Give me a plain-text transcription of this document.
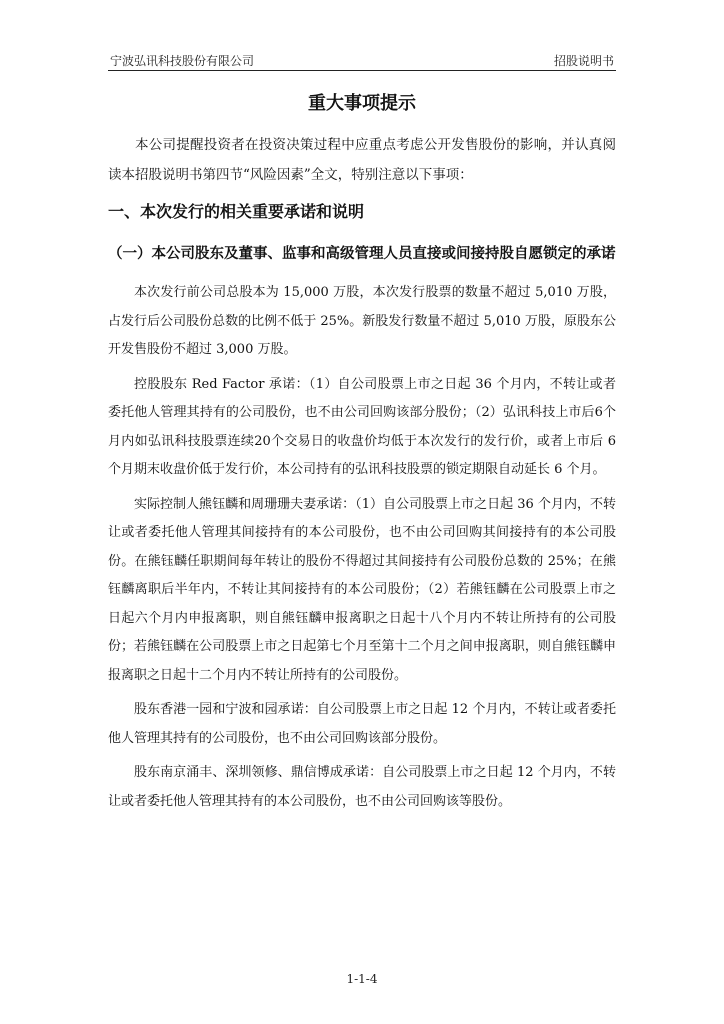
宁波弘讯科技股份有限公司	招股说明书
重大事项提示

本公司提醒投资者在投资决策过程中应重点考虑公开发售股份的影响，并认真阅读本招股说明书第四节“风险因素”全文，特别注意以下事项：

一、本次发行的相关重要承诺和说明
（一）本公司股东及董事、监事和高级管理人员直接或间接持股自愿锁定的承诺

本次发行前公司总股本为 15,000 万股，本次发行股票的数量不超过 5,010 万股，占发行后公司股份总数的比例不低于 25%。新股发行数量不超过 5,010 万股，原股东公开发售股份不超过 3,000 万股。

控股股东 Red Factor 承诺：（1）自公司股票上市之日起 36 个月内，不转让或者委托他人管理其持有的公司股份，也不由公司回购该部分股份；（2）弘讯科技上市后6个月内如弘讯科技股票连续20个交易日的收盘价均低于本次发行的发行价，或者上市后 6 个月期末收盘价低于发行价，本公司持有的弘讯科技股票的锁定期限自动延长 6 个月。

实际控制人熊钰麟和周珊珊夫妻承诺：（1）自公司股票上市之日起 36 个月内，不转让或者委托他人管理其间接持有的本公司股份，也不由公司回购其间接持有的本公司股份。在熊钰麟任职期间每年转让的股份不得超过其间接持有公司股份总数的 25%；在熊钰麟离职后半年内，不转让其间接持有的本公司股份；（2）若熊钰麟在公司股票上市之日起六个月内申报离职，则自熊钰麟申报离职之日起十八个月内不转让所持有的公司股份；若熊钰麟在公司股票上市之日起第七个月至第十二个月之间申报离职，则自熊钰麟申报离职之日起十二个月内不转让所持有的公司股份。

股东香港一园和宁波和园承诺：自公司股票上市之日起 12 个月内，不转让或者委托他人管理其持有的公司股份，也不由公司回购该部分股份。

股东南京涌丰、深圳领修、鼎信博成承诺：自公司股票上市之日起 12 个月内，不转让或者委托他人管理其持有的本公司股份，也不由公司回购该等股份。

1-1-4
